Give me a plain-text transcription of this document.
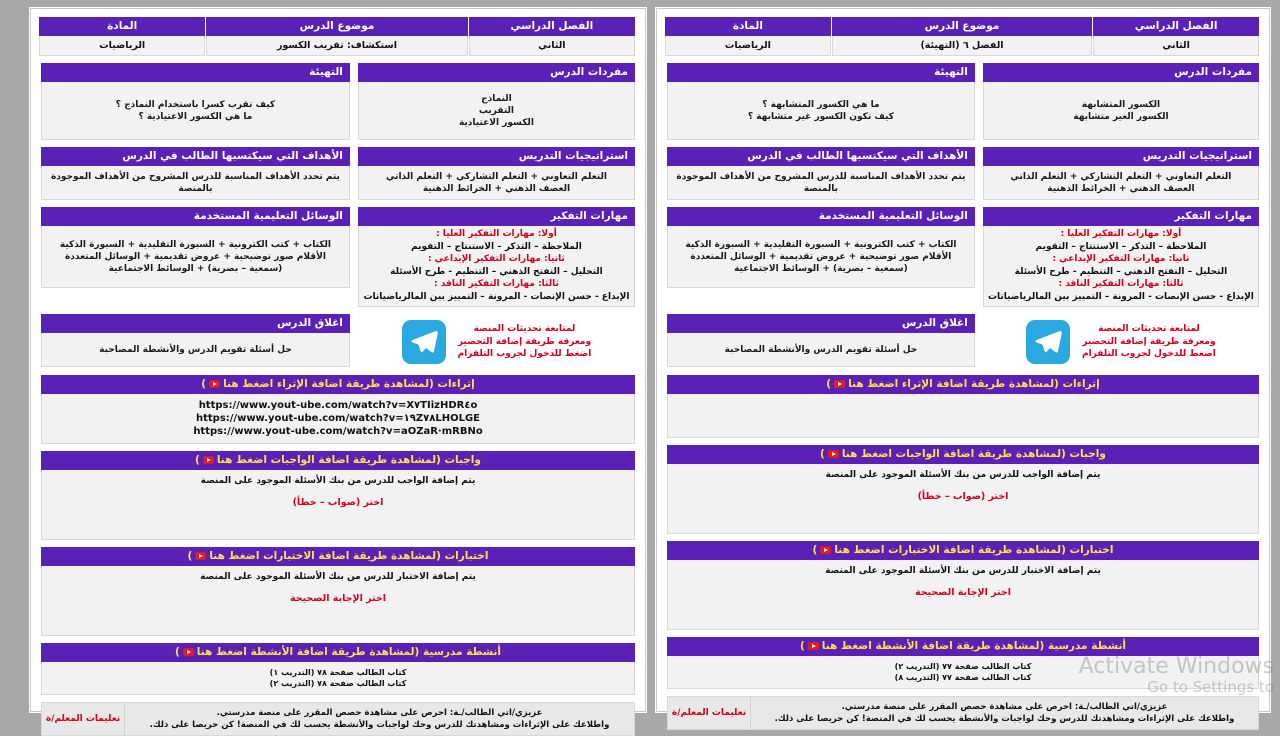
الفصل الدراسي
الثاني
موضوع الدرس
الفصل ٦ (التهيئة)
المادة
الرياضيات
مفردات الدرس
الكسور المتشابهة
الكسور الغير متشابهة
التهيئة
ما هي الكسور المتشابهة ؟
كيف تكون الكسور غير متشابهة ؟
استراتيجيات التدريس
التعلم التعاوني + التعلم التشاركي + التعلم الذاتي
العصف الذهني + الخرائط الذهنية
الأهداف التي سيكتسبها الطالب في الدرس
يتم تحدد الأهداف المناسبة للدرس المشروح من الأهداف الموجودة
بالمنصة
مهارات التفكير
أولا: مهارات التفكير العليا :
الملاحظة – التذكر – الاستنتاج – التقويم
ثانيا: مهارات التفكير الإبداعي :
التحليل – التفتح الذهني – التنظيم - طرح الأسئلة
ثالثا: مهارات التفكير الناقد :
الإبداع - حسن الإنصات - المرونة – التمييز بين المالرياضياتات
الوسائل التعليمية المستخدمة
الكتاب + كتب الكترونية + السبورة التقليدية + السبورة الذكية
الأقلام صور توضيحية + عروض تقديمية + الوسائل المتعددة
(سمعية – بصرية) + الوسائط الاجتماعية
لمتابعة تحديثات المنصة
ومعرفة طريقة إضافة التحضير
اضغط للدخول لجروب التلقرام
اغلاق الدرس
حل أسئلة تقويم الدرس والأنشطة المصاحبة
إثراءات (لمشاهدة طريقة اضافة الإثراء اضغط هنا)
واجبات (لمشاهدة طريقة اضافة الواجبات اضغط هنا)
يتم إضافة الواجب للدرس من بنك الأسئلة الموجود على المنصة
اختر (صواب – خطأ)
اختبارات (لمشاهدة طريقة اضافة الاختبارات اضغط هنا)
يتم إضافة الاختبار للدرس من بنك الأسئلة الموجود على المنصة
اختر الإجابة الصحيحة
أنشطة مدرسية (لمشاهدة طريقة اضافة الأنشطة اضغط هنا)
كتاب الطالب صفحة ٧٧ (التدريب ٢)
كتاب الطالب صفحة ٧٧ (التدريب ٨)
عزيزي/اتي الطالب/ـة: احرص على مشاهدة حصص المقرر على منصة مدرستي.
واطلاعك على الإثراءات ومشاهدتك للدرس وحك لواجبات والأنشطة يحسب لك في المنصة! كن حريصا على ذلك.
تعليمات المعلم/ة
الفصل الدراسي
الثاني
موضوع الدرس
استكشاف: تقريب الكسور
المادة
الرياضيات
مفردات الدرس
النماذج
التقريب
الكسور الاعتيادية
التهيئة
كيف تقرب كسرا باستخدام النماذج ؟
ما هي الكسور الاعتيادية ؟
استراتيجيات التدريس
التعلم التعاوني + التعلم التشاركي + التعلم الذاتي
العصف الذهني + الخرائط الذهنية
الأهداف التي سيكتسبها الطالب في الدرس
يتم تحدد الأهداف المناسبة للدرس المشروح من الأهداف الموجودة
بالمنصة
مهارات التفكير
أولا: مهارات التفكير العليا :
الملاحظة – التذكر – الاستنتاج – التقويم
ثانيا: مهارات التفكير الإبداعي :
التحليل – التفتح الذهني – التنظيم - طرح الأسئلة
ثالثا: مهارات التفكير الناقد :
الإبداع - حسن الإنصات - المرونة – التمييز بين المالرياضياتات
الوسائل التعليمية المستخدمة
الكتاب + كتب الكترونية + السبورة التقليدية + السبورة الذكية
الأقلام صور توضيحية + عروض تقديمية + الوسائل المتعددة
(سمعية – بصرية) + الوسائط الاجتماعية
لمتابعة تحديثات المنصة
ومعرفة طريقة إضافة التحضير
اضغط للدخول لجروب التلقرام
اغلاق الدرس
حل أسئلة تقويم الدرس والأنشطة المصاحبة
إثراءات (لمشاهدة طريقة اضافة الإثراء اضغط هنا)
https://www.yout-ube.com/watch?v=X٧TIizHDR٤o
https://www.yout-ube.com/watch?v=١٩Z٧٨LHOLGE
https://www.yout-ube.com/watch?v=aOZaR·mRBNo
واجبات (لمشاهدة طريقة اضافة الواجبات اضغط هنا)
يتم إضافة الواجب للدرس من بنك الأسئلة الموجود على المنصة
اختر (صواب – خطأ)
اختبارات (لمشاهدة طريقة اضافة الاختبارات اضغط هنا)
يتم إضافة الاختبار للدرس من بنك الأسئلة الموجود على المنصة
اختر الإجابة الصحيحة
أنشطة مدرسية (لمشاهدة طريقة اضافة الأنشطة اضغط هنا)
كتاب الطالب صفحة ٧٨ (التدريب ١)
كتاب الطالب صفحة ٧٨ (التدريب ٢)
عزيزي/اتي الطالب/ـة: احرص على مشاهدة حصص المقرر على منصة مدرستي.
واطلاعك على الإثراءات ومشاهدتك للدرس وحك لواجبات والأنشطة يحسب لك في المنصة! كن حريصا على ذلك.
تعليمات المعلم/ة
Activate Windows
Go to Settings to
